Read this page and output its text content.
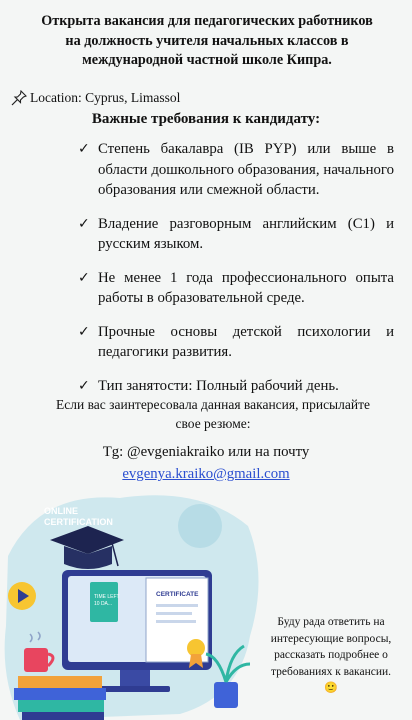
Открыта вакансия для педагогических работников
на должность учителя начальных классов в
международной частной школе Кипра.
Location: Cyprus, Limassol
Важные требования к кандидату:
✓ Степень бакалавра (IB PYP) или выше в области дошкольного образования, начального образования или смежной области.
✓ Владение разговорным английским (C1) и русским языком.
✓ Не менее 1 года профессионального опыта работы в образовательной среде.
✓ Прочные основы детской психологии и педагогики развития.
✓ Тип занятости: Полный рабочий день.
Если вас заинтересовала данная вакансия, присылайте
свое резюме:
Tg: @evgeniakraiko или на почту
evgenya.kraiko@gmail.com
ONLINE CERTIFICATION
TIME LEFT 10 DA...
CERTIFICATE
Буду рада ответить на интересующие вопросы, рассказать подробнее о требованиях к вакансии.
🙂
